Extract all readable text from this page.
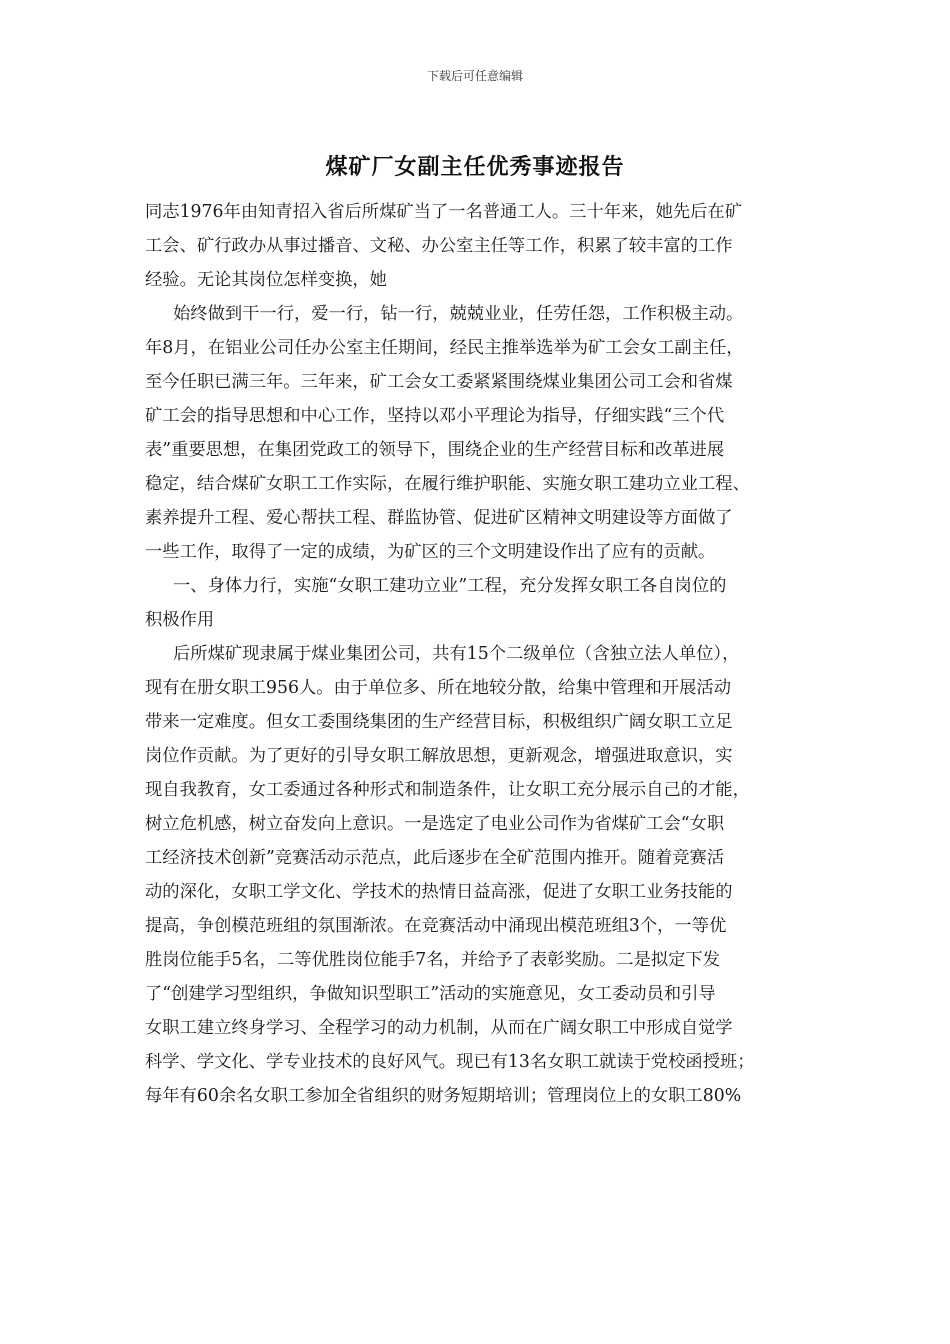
下载后可任意编辑
煤矿厂女副主任优秀事迹报告
同志1976年由知青招入省后所煤矿当了一名普通工人。三十年来，她先后在矿
工会、矿行政办从事过播音、文秘、办公室主任等工作，积累了较丰富的工作
经验。无论其岗位怎样变换，她
始终做到干一行，爱一行，钻一行，兢兢业业，任劳任怨，工作积极主动。
年8月，在铝业公司任办公室主任期间，经民主推举选举为矿工会女工副主任，
至今任职已满三年。三年来，矿工会女工委紧紧围绕煤业集团公司工会和省煤
矿工会的指导思想和中心工作，坚持以邓小平理论为指导，仔细实践“三个代
表”重要思想，在集团党政工的领导下，围绕企业的生产经营目标和改革进展
稳定，结合煤矿女职工工作实际，在履行维护职能、实施女职工建功立业工程、
素养提升工程、爱心帮扶工程、群监协管、促进矿区精神文明建设等方面做了
一些工作，取得了一定的成绩，为矿区的三个文明建设作出了应有的贡献。
一、身体力行，实施“女职工建功立业”工程，充分发挥女职工各自岗位的
积极作用
后所煤矿现隶属于煤业集团公司，共有15个二级单位（含独立法人单位），
现有在册女职工956人。由于单位多、所在地较分散，给集中管理和开展活动
带来一定难度。但女工委围绕集团的生产经营目标，积极组织广阔女职工立足
岗位作贡献。为了更好的引导女职工解放思想，更新观念，增强进取意识，实
现自我教育，女工委通过各种形式和制造条件，让女职工充分展示自己的才能，
树立危机感，树立奋发向上意识。一是选定了电业公司作为省煤矿工会“女职
工经济技术创新”竞赛活动示范点，此后逐步在全矿范围内推开。随着竞赛活
动的深化，女职工学文化、学技术的热情日益高涨，促进了女职工业务技能的
提高，争创模范班组的氛围渐浓。在竞赛活动中涌现出模范班组3个，一等优
胜岗位能手5名，二等优胜岗位能手7名，并给予了表彰奖励。二是拟定下发
了“创建学习型组织，争做知识型职工”活动的实施意见，女工委动员和引导
女职工建立终身学习、全程学习的动力机制，从而在广阔女职工中形成自觉学
科学、学文化、学专业技术的良好风气。现已有13名女职工就读于党校函授班；
每年有60余名女职工参加全省组织的财务短期培训；管理岗位上的女职工80%
